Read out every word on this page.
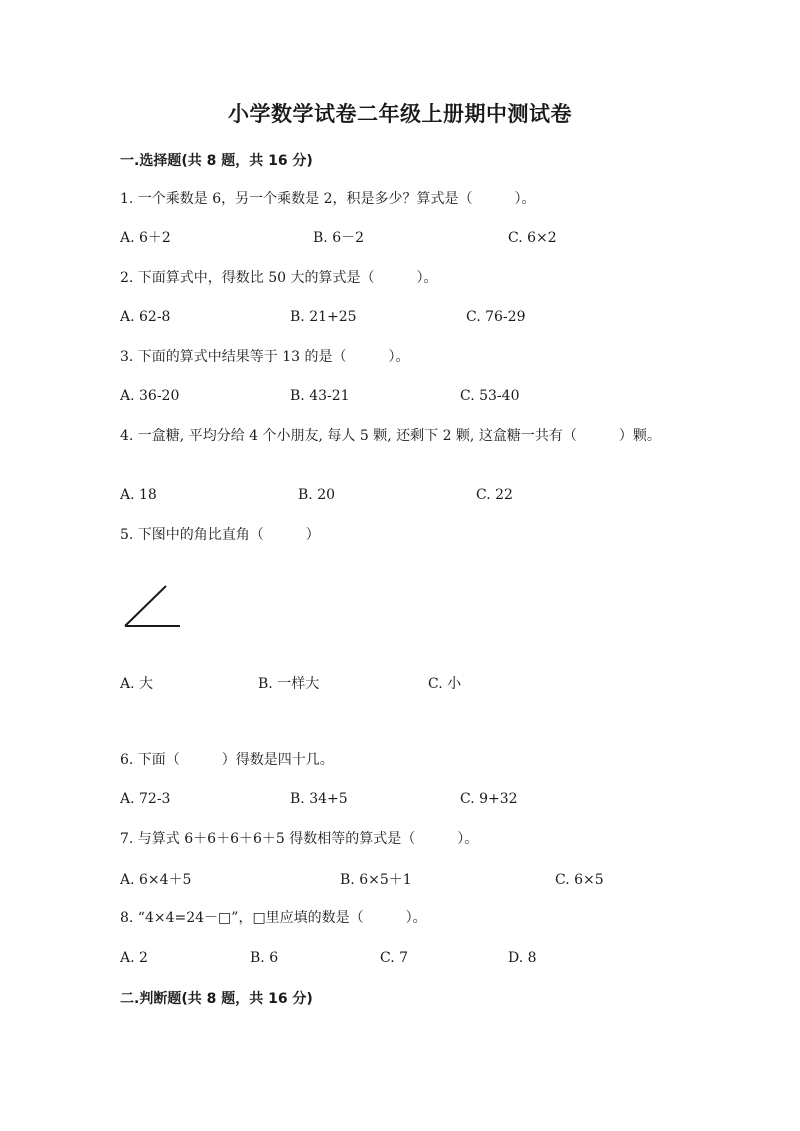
小学数学试卷二年级上册期中测试卷
一.选择题(共 8 题，共 16 分)
1. 一个乘数是 6，另一个乘数是 2，积是多少？算式是（　　　）。
A. 6＋2	B. 6－2	C. 6×2
2. 下面算式中，得数比 50 大的算式是（　　　）。
A. 62-8	B. 21+25	C. 76-29
3. 下面的算式中结果等于 13 的是（　　　）。
A. 36-20	B. 43-21	C. 53-40
4. 一盒糖, 平均分给 4 个小朋友, 每人 5 颗, 还剩下 2 颗, 这盒糖一共有（　　　）颗。
A. 18	B. 20	C. 22
5. 下图中的角比直角（　　　）
A. 大	B. 一样大	C. 小
6. 下面（　　　）得数是四十几。
A. 72-3	B. 34+5	C. 9+32
7. 与算式 6＋6＋6＋6＋5 得数相等的算式是（　　　）。
A. 6×4＋5	B. 6×5＋1	C. 6×5
8. “4×4=24－□”，□里应填的数是（　　　）。
A. 2	B. 6	C. 7	D. 8
二.判断题(共 8 题，共 16 分)
